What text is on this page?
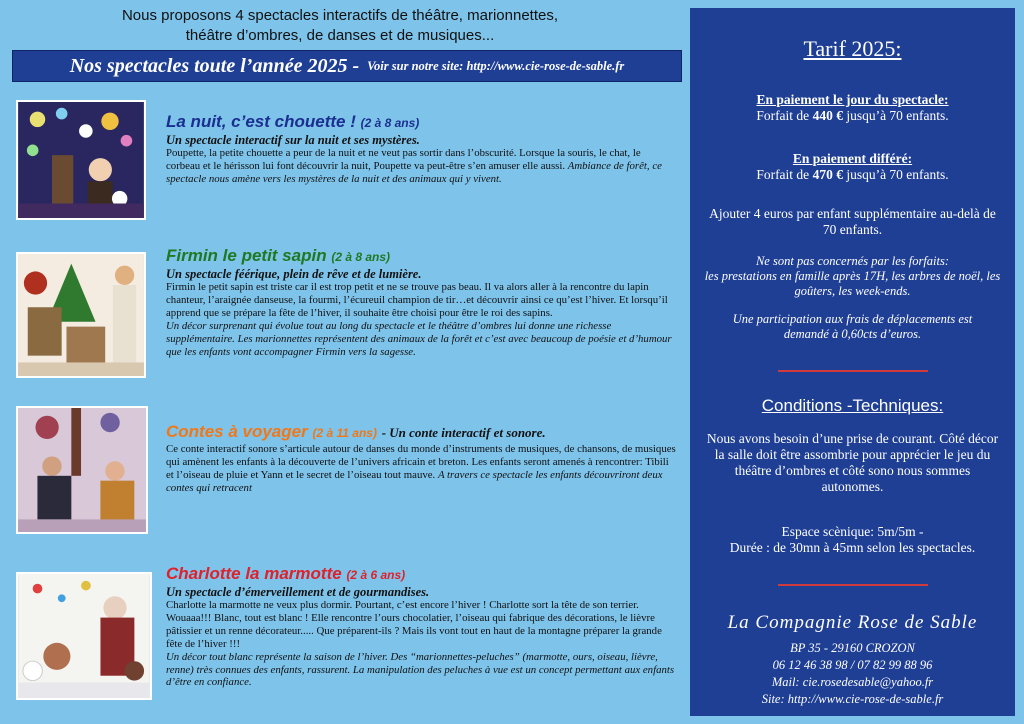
Nous proposons 4 spectacles interactifs de théâtre, marionnettes,
théâtre d’ombres, de danses et de musiques...
Nos spectacles toute l’année 2025 - Voir sur notre site: http://www.cie-rose-de-sable.fr
La nuit, c’est chouette ! (2 à 8 ans)
Un spectacle interactif sur la nuit et ses mystères.
Poupette, la petite chouette a peur de la nuit et ne veut pas sortir dans l’obscurité. Lorsque la souris, le chat, le corbeau et le hérisson lui font découvrir la nuit, Poupette va peut-être s’en amuser elle aussi. Ambiance de forêt, ce spectacle nous amène vers les mystères de la nuit et des animaux qui y vivent.
Firmin le petit sapin (2 à 8 ans)
Un spectacle féérique, plein de rêve et de lumière.
Firmin le petit sapin est triste car il est trop petit et ne se trouve pas beau. Il va alors aller à la rencontre du lapin chanteur, l’araignée danseuse, la fourmi, l’écureuil champion de tir…et découvrir ainsi ce qu’est l’hiver. Et lorsqu’il apprend que se prépare la fête de l’hiver, il souhaite être choisi pour être le roi des sapins.
Un décor surprenant qui évolue tout au long du spectacle et le théâtre d’ombres lui donne une richesse supplémentaire. Les marionnettes représentent des animaux de la forêt et c’est avec beaucoup de poésie et d’humour que les enfants vont accompagner Firmin vers la sagesse.
Contes à voyager (2 à 11 ans) - Un conte interactif et sonore.
Ce conte interactif sonore s’articule autour de danses du monde d’instruments de musiques, de chansons, de musiques qui amènent les enfants à la découverte de l’univers africain et breton. Les enfants seront amenés à rencontrer: Tibili et l’oiseau de pluie et Yann et le secret de l’oiseau tout mauve. A travers ce spectacle les enfants découvriront deux contes qui retracent
Charlotte la marmotte (2 à 6 ans)
Un spectacle d’émerveillement et de gourmandises.
Charlotte la marmotte ne veux plus dormir. Pourtant, c’est encore l’hiver ! Charlotte sort la tête de son terrier. Wouaaa!!! Blanc, tout est blanc ! Elle rencontre l’ours chocolatier, l’oiseau qui fabrique des décorations, le lièvre pâtissier et un renne décorateur..... Que préparent-ils ? Mais ils vont tout en haut de la montagne préparer la grande fête de l’hiver !!!
Un décor tout blanc représente la saison de l’hiver. Des “marionnettes-peluches” (marmotte, ours, oiseau, lièvre, renne) très connues des enfants, rassurent. La manipulation des peluches à vue est un concept permettant aux enfants d’être en confiance.
Tarif 2025:
En paiement le jour du spectacle:
Forfait de 440 € jusqu’à 70 enfants.
En paiement différé:
Forfait de 470 € jusqu’à 70 enfants.
Ajouter 4 euros par enfant supplémentaire au-delà de 70 enfants.
Ne sont pas concernés par les forfaits:
les prestations en famille après 17H, les arbres de noël, les goûters, les week-ends.
Une participation aux frais de déplacements est demandé à 0,60cts d’euros.
Conditions -Techniques:
Nous avons besoin d’une prise de courant. Côté décor la salle doit être assombrie pour apprécier le jeu du théâtre d’ombres et côté sono nous sommes autonomes.
Espace scènique: 5m/5m -
Durée : de 30mn à 45mn selon les spectacles.
La Compagnie Rose de Sable
BP 35 - 29160 CROZON
06 12 46 38 98 / 07 82 99 88 96
Mail: cie.rosedesable@yahoo.fr
Site: http://www.cie-rose-de-sable.fr
